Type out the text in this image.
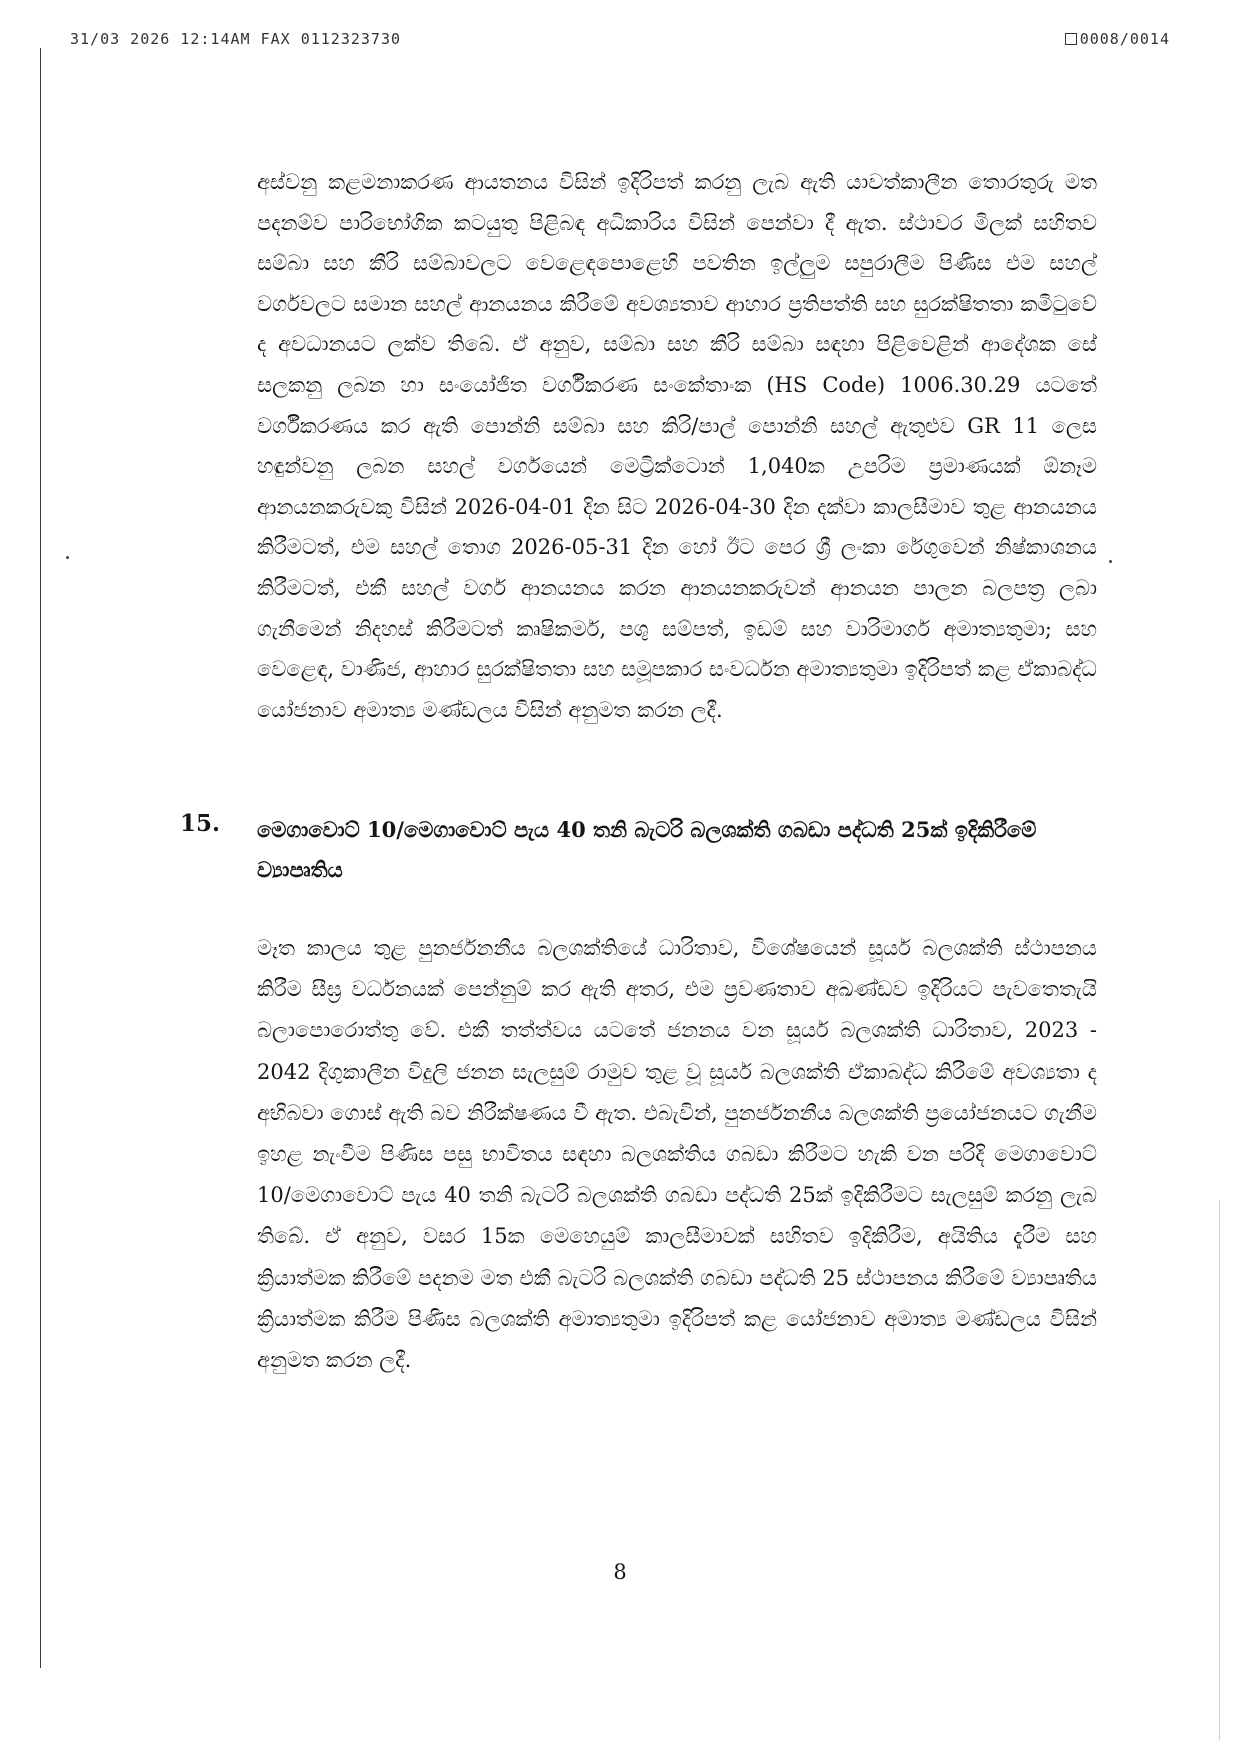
31/03 2026 12:14AM FAX 0112323730	0008/0014

අස්වනු කළමනාකරණ ආයතනය විසින් ඉදිරිපත් කරනු ලැබ ඇති යාවත්කාලීන තොරතුරු මත පදනම්ව පාරිභෝගික කටයුතු පිළිබඳ අධිකාරිය විසින් පෙන්වා දී ඇත. ස්ථාවර මිලක් සහිතව සම්බා සහ කීරි සම්බාවලට වෙළෙඳපොළෙහි පවතින ඉල්ලුම සපුරාලීම පිණිස එම සහල් වර්ගවලට සමාන සහල් ආනයනය කිරීමේ අවශ්‍යතාව ආහාර ප්‍රතිපත්ති සහ සුරක්ෂිතතා කමිටුවේ ද අවධානයට ලක්ව තිබේ. ඒ අනුව, සම්බා සහ කීරි සම්බා සඳහා පිළිවෙළින් ආදේශක සේ සලකනු ලබන හා සංයෝජිත වර්ගීකරණ සංකේතාංක (HS Code) 1006.30.29 යටතේ වර්ගීකරණය කර ඇති පොන්නි සම්බා සහ කිරි/පාල් පොන්නි සහල් ඇතුළුව GR 11 ලෙස හඳුන්වනු ලබන සහල් වර්ගයෙන් මෙට්‍රික්ටොන් 1,040ක උපරිම ප්‍රමාණයක් ඕනෑම ආනයනකරුවකු විසින් 2026-04-01 දින සිට 2026-04-30 දින දක්වා කාලසීමාව තුළ ආනයනය කිරීමටත්, එම සහල් තොග 2026-05-31 දින හෝ ඊට පෙර ශ්‍රී ලංකා රේගුවෙන් නිෂ්කාශනය කිරීමටත්, එකී සහල් වර්ග ආනයනය කරන ආනයනකරුවන් ආනයන පාලන බලපත්‍ර ලබා ගැනීමෙන් නිදහස් කිරීමටත් කෘෂිකර්ම, පශු සම්පත්, ඉඩම් සහ වාරිමාර්ග අමාත්‍යතුමා; සහ වෙළෙඳ, වාණිජ, ආහාර සුරක්ෂිතතා සහ සමූපකාර සංවර්ධන අමාත්‍යතුමා ඉදිරිපත් කළ ඒකාබද්ධ යෝජනාව අමාත්‍ය මණ්ඩලය විසින් අනුමත කරන ලදී.

15. මෙගාවොට් 10/මෙගාවොට් පැය 40 තනි බැටරි බලශක්ති ගබඩා පද්ධති 25ක් ඉදිකිරීමේ ව්‍යාපෘතිය

මෑත කාලය තුළ පුනර්ජනනීය බලශක්තියේ ධාරිතාව, විශේෂයෙන් සූර්ය බලශක්ති ස්ථාපනය කිරීම සීඝ්‍ර වර්ධනයක් පෙන්නුම් කර ඇති අතර, එම ප්‍රවණතාව අඛණ්ඩව ඉදිරියට පැවතෙතැයි බලාපොරොත්තු වේ. එකී තත්ත්වය යටතේ ජනනය වන සූර්ය බලශක්ති ධාරිතාව, 2023 - 2042 දිගුකාලීන විදුලි ජනන සැලසුම් රාමුව තුළ වූ සූර්ය බලශක්ති ඒකාබද්ධ කිරීමේ අවශ්‍යතා ද අභිබවා ගොස් ඇති බව නිරීක්ෂණය වී ඇත. එබැවින්, පුනර්ජනනීය බලශක්ති ප්‍රයෝජනයට ගැනීම ඉහළ නැංවීම පිණිස පසු භාවිතය සඳහා බලශක්තිය ගබඩා කිරීමට හැකි වන පරිදි මෙගාවොට් 10/මෙගාවොට් පැය 40 තනි බැටරි බලශක්ති ගබඩා පද්ධති 25ක් ඉදිකිරීමට සැලසුම් කරනු ලැබ තිබේ. ඒ අනුව, වසර 15ක මෙහෙයුම් කාලසීමාවක් සහිතව ඉදිකිරීම, අයිතිය දැරීම සහ ක්‍රියාත්මක කිරීමේ පදනම මත එකී බැටරි බලශක්ති ගබඩා පද්ධති 25 ස්ථාපනය කිරීමේ ව්‍යාපෘතිය ක්‍රියාත්මක කිරීම පිණිස බලශක්ති අමාත්‍යතුමා ඉදිරිපත් කළ යෝජනාව අමාත්‍ය මණ්ඩලය විසින් අනුමත කරන ලදී.

8
